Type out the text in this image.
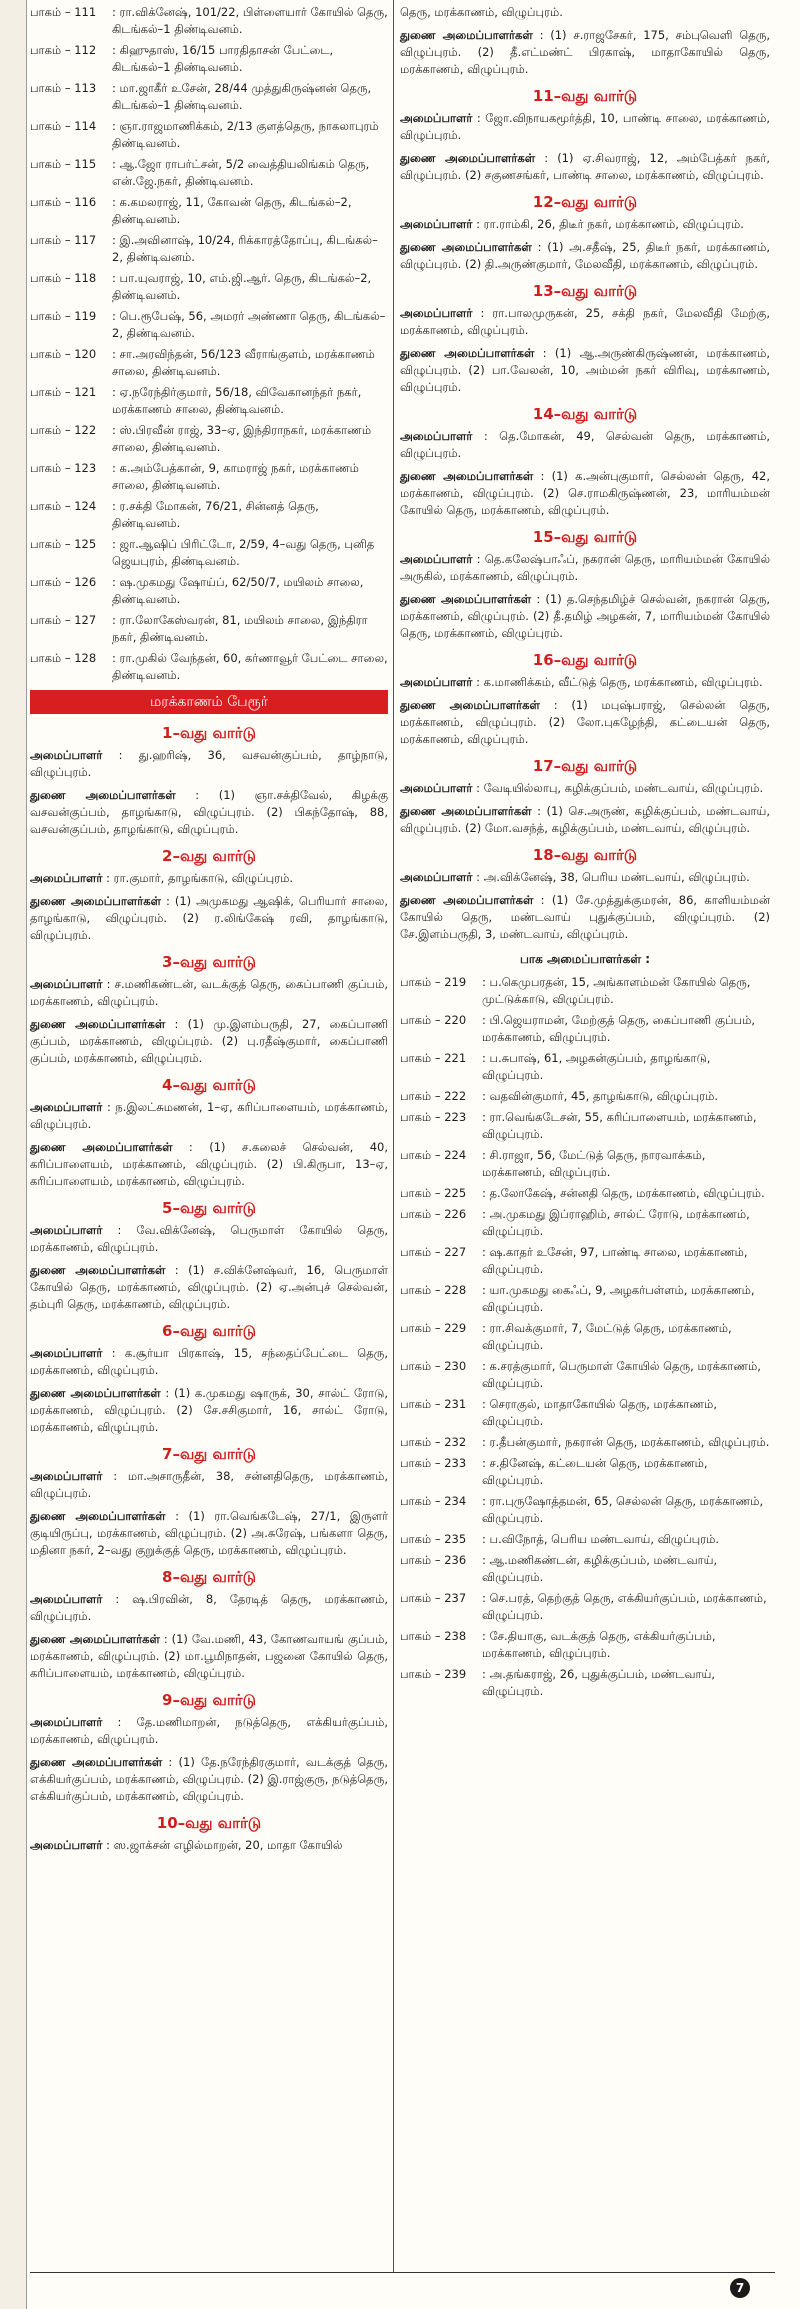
பாகம் – 111	: ரா.விக்னேஷ், 101/22, பிள்ளையார் கோயில் தெரு, கிடங்கல்–1 திண்டிவனம்.
பாகம் – 112	: கிஹுதாஸ், 16/15 பாரதிதாசன் பேட்டை, கிடங்கல்–1 திண்டிவனம்.
பாகம் – 113	: மா.ஜாகீர் உசேன், 28/44 முத்துகிருஷ்னன் தெரு, கிடங்கல்–1 திண்டிவனம்.
பாகம் – 114	: ஞா.ராஜமாணிக்கம், 2/13 குளத்தெரு, நாகலாபுரம் திண்டிவனம்.
பாகம் – 115	: ஆ.ஜோ ராபர்ட்சன், 5/2 வைத்தியலிங்கம் தெரு, என்.ஜே.நகர், திண்டிவனம்.
பாகம் – 116	: க.கமலராஜ், 11, கோவன் தெரு, கிடங்கல்–2, திண்டிவனம்.
பாகம் – 117	: இ.அவினாஷ், 10/24, ரிக்காரத்தோப்பு, கிடங்கல்–2, திண்டிவனம்.
பாகம் – 118	: பா.யுவராஜ், 10, எம்.ஜி.ஆர். தெரு, கிடங்கல்–2, திண்டிவனம்.
பாகம் – 119	: பெ.ரூபேஷ், 56, அமரர் அண்ணா தெரு, கிடங்கல்–2, திண்டிவனம்.
பாகம் – 120	: சா.அரவிந்தன், 56/123 வீராங்குளம், மரக்காணம் சாலை, திண்டிவனம்.
பாகம் – 121	: ஏ.நரேந்திர்குமார், 56/18, விவேகானந்தர் நகர், மரக்காணம் சாலை, திண்டிவனம்.
பாகம் – 122	: ஸ்.பிரவீன் ராஜ், 33–ஏ, இந்திராநகர், மரக்காணம் சாலை, திண்டிவனம்.
பாகம் – 123	: க.அம்பேத்கான், 9, காமராஜ் நகர், மரக்காணம் சாலை, திண்டிவனம்.
பாகம் – 124	: ர.சக்தி மோகன், 76/21, சின்னத் தெரு, திண்டிவனம்.
பாகம் – 125	: ஜா.ஆஷிப் பிரிட்டோ, 2/59, 4–வது தெரு, புனித ஜெயபுரம், திண்டிவனம்.
பாகம் – 126	: ஷ.முகமது ஷோய்ப், 62/50/7, மயிலம் சாலை, திண்டிவனம்.
பாகம் – 127	: ரா.லோகேஸ்வரன், 81, மயிலம் சாலை, இந்திரா நகர், திண்டிவனம்.
பாகம் – 128	: ரா.முகில் வேந்தன், 60, கர்ணாவூர் பேட்டை சாலை, திண்டிவனம்.
மரக்காணம் பேரூர்
1–வது வார்டு

அமைப்பாளர் : து.ஹரிஷ், 36, வசவன்குப்பம், தாழ்நாடு, விழுப்புரம்.

துணை அமைப்பாளர்கள் : (1) ஞா.சக்திவேல், கிழக்கு வசவன்குப்பம், தாழங்காடு, விழுப்புரம். (2) பிகந்தோஷ், 88, வசவன்குப்பம், தாழங்காடு, விழுப்புரம்.

2–வது வார்டு

அமைப்பாளர் : ரா.குமார், தாழங்காடு, விழுப்புரம்.

துணை அமைப்பாளர்கள் : (1) அமுகமது ஆஷிக், பெரியார் சாலை, தாழங்காடு, விழுப்புரம். (2) ர.லிங்கேஷ் ரவி, தாழங்காடு, விழுப்புரம்.

3–வது வார்டு

அமைப்பாளர் : ச.மணிகண்டன், வடக்குத் தெரு, கைப்பாணி குப்பம், மரக்காணம், விழுப்புரம்.

துணை அமைப்பாளர்கள் : (1) மு.இளம்பருதி, 27, கைப்பாணி குப்பம், மரக்காணம், விழுப்புரம். (2) பு.ரதீஷ்குமார், கைப்பாணி குப்பம், மரக்காணம், விழுப்புரம்.

4–வது வார்டு

அமைப்பாளர் : ந.இலட்சுமணன், 1–ஏ, கரிப்பாளையம், மரக்காணம், விழுப்புரம்.

துணை அமைப்பாளர்கள் : (1) ச.கலைச் செல்வன், 40, கரிப்பாளையம், மரக்காணம், விழுப்புரம். (2) பி.கிருபா, 13–ஏ, கரிப்பாளையம், மரக்காணம், விழுப்புரம்.

5–வது வார்டு

அமைப்பாளர் : வே.விக்னேஷ், பெருமாள் கோயில் தெரு, மரக்காணம், விழுப்புரம்.

துணை அமைப்பாளர்கள் : (1) ச.விக்னேஷ்வர், 16, பெருமாள் கோயில் தெரு, மரக்காணம், விழுப்புரம். (2) ஏ.அன்புச் செல்வன், தம்புரி தெரு, மரக்காணம், விழுப்புரம்.

6–வது வார்டு

அமைப்பாளர் : க.சூர்யா பிரகாஷ், 15, சந்தைப்பேட்டை தெரு, மரக்காணம், விழுப்புரம்.

துணை அமைப்பாளர்கள் : (1) க.முகமது ஷாருக், 30, சால்ட் ரோடு, மரக்காணம், விழுப்புரம். (2) சே.சசிகுமார், 16, சால்ட் ரோடு, மரக்காணம், விழுப்புரம்.

7–வது வார்டு

அமைப்பாளர் : மா.அசாருதீன், 38, சன்னதிதெரு, மரக்காணம், விழுப்புரம்.

துணை அமைப்பாளர்கள் : (1) ரா.வெங்கடேஷ், 27/1, இருளர் குடியிருப்பு, மரக்காணம், விழுப்புரம். (2) அ.சுரேஷ், பங்களா தெரு, மதினா நகர், 2–வது குறுக்குத் தெரு, மரக்காணம், விழுப்புரம்.

8–வது வார்டு

அமைப்பாளர் : ஷ.பிரவின், 8, தேரடித் தெரு, மரக்காணம், விழுப்புரம்.

துணை அமைப்பாளர்கள் : (1) வே.மணி, 43, கோணவாயங் குப்பம், மரக்காணம், விழுப்புரம். (2) மா.பூமிநாதன், பஜனை கோயில் தெரு, கரிப்பாளையம், மரக்காணம், விழுப்புரம்.

9–வது வார்டு

அமைப்பாளர் : தே.மணிமாறன், நடுத்தெரு, எக்கியர்குப்பம், மரக்காணம், விழுப்புரம்.

துணை அமைப்பாளர்கள் : (1) தே.நரேந்திரகுமார், வடக்குத் தெரு, எக்கியர்குப்பம், மரக்காணம், விழுப்புரம். (2) இ.ராஜ்குரு, நடுத்தெரு, எக்கியர்குப்பம், மரக்காணம், விழுப்புரம்.

10–வது வார்டு

அமைப்பாளர் : ஸ.ஜாக்சன் எழில்மாறன், 20, மாதா கோயில்

தெரு, மரக்காணம், விழுப்புரம்.

துணை அமைப்பாளர்கள் : (1) ச.ராஜசேகர், 175, சம்புவெளி தெரு, விழுப்புரம். (2) தீ.எட்மண்ட் பிரகாஷ், மாதாகோயில் தெரு, மரக்காணம், விழுப்புரம்.

11–வது வார்டு

அமைப்பாளர் : ஜோ.விநாயகமூர்த்தி, 10, பாண்டி சாலை, மரக்காணம், விழுப்புரம்.

துணை அமைப்பாளர்கள் : (1) ஏ.சிவராஜ், 12, அம்பேத்கர் நகர், விழுப்புரம். (2) சகுணசங்கர், பாண்டி சாலை, மரக்காணம், விழுப்புரம்.

12–வது வார்டு

அமைப்பாளர் : ரா.ராம்கி, 26, திடீர் நகர், மரக்காணம், விழுப்புரம்.

துணை அமைப்பாளர்கள் : (1) அ.சதீஷ், 25, திடீர் நகர், மரக்காணம், விழுப்புரம். (2) தி.அருண்குமார், மேலவீதி, மரக்காணம், விழுப்புரம்.

13–வது வார்டு

அமைப்பாளர் : ரா.பாலமுருகன், 25, சக்தி நகர், மேலவீதி மேற்கு, மரக்காணம், விழுப்புரம்.

துணை அமைப்பாளர்கள் : (1) ஆ.அருண்கிருஷ்ணன், மரக்காணம், விழுப்புரம். (2) பா.வேலன், 10, அம்மன் நகர் விரிவு, மரக்காணம், விழுப்புரம்.

14–வது வார்டு

அமைப்பாளர் : தெ.மோகன், 49, செல்வன் தெரு, மரக்காணம், விழுப்புரம்.

துணை அமைப்பாளர்கள் : (1) க.அன்புகுமார், செல்லன் தெரு, 42, மரக்காணம், விழுப்புரம். (2) செ.ராமகிருஷ்ணன், 23, மாரியம்மன் கோயில் தெரு, மரக்காணம், விழுப்புரம்.

15–வது வார்டு

அமைப்பாளர் : தெ.கலேஷ்பாஃப், நகரான் தெரு, மாரியம்மன் கோயில் அருகில், மரக்காணம், விழுப்புரம்.

துணை அமைப்பாளர்கள் : (1) த.செந்தமிழ்ச் செல்வன், நகரான் தெரு, மரக்காணம், விழுப்புரம். (2) தீ.தமிழ் அழகன், 7, மாரியம்மன் கோயில் தெரு, மரக்காணம், விழுப்புரம்.

16–வது வார்டு

அமைப்பாளர் : க.மாணிக்கம், வீட்டுத் தெரு, மரக்காணம், விழுப்புரம்.

துணை அமைப்பாளர்கள் : (1) மபுஷ்பராஜ், செல்லன் தெரு, மரக்காணம், விழுப்புரம். (2) லோ.புகழேந்தி, கட்டையன் தெரு, மரக்காணம், விழுப்புரம்.

17–வது வார்டு

அமைப்பாளர் : வேடியில்லாபு, கழிக்குப்பம், மண்டவாய், விழுப்புரம்.

துணை அமைப்பாளர்கள் : (1) செ.அருண், கழிக்குப்பம், மண்டவாய், விழுப்புரம். (2) மோ.வசந்த், கழிக்குப்பம், மண்டவாய், விழுப்புரம்.

18–வது வார்டு

அமைப்பாளர் : அ.விக்னேஷ், 38, பெரிய மண்டவாய், விழுப்புரம்.

துணை அமைப்பாளர்கள் : (1) சே.முத்துக்குமரன், 86, காளியம்மன் கோயில் தெரு, மண்டவாய் புதுக்குப்பம், விழுப்புரம். (2) சே.இளம்பருதி, 3, மண்டவாய், விழுப்புரம்.

பாக அமைப்பாளர்கள் :
பாகம் – 219	: ப.கெமுபரதன், 15, அங்காளம்மன் கோயில் தெரு, முட்டுக்காடு, விழுப்புரம்.
பாகம் – 220	: பி.ஜெயராமன், மேற்குத் தெரு, கைப்பாணி குப்பம், மரக்காணம், விழுப்புரம்.
பாகம் – 221	: ப.சுபாஷ், 61, அழகன்குப்பம், தாழங்காடு, விழுப்புரம்.
பாகம் – 222	: வதவின்குமார், 45, தாழங்காடு, விழுப்புரம்.
பாகம் – 223	: ரா.வெங்கடேசன், 55, கரிப்பாளையம், மரக்காணம், விழுப்புரம்.
பாகம் – 224	: சி.ராஜா, 56, மேட்டுத் தெரு, நாரவாக்கம், மரக்காணம், விழுப்புரம்.
பாகம் – 225	: த.லோகேஷ், சன்னதி தெரு, மரக்காணம், விழுப்புரம்.
பாகம் – 226	: அ.முகமது இப்ராஹிம், சால்ட் ரோடு, மரக்காணம், விழுப்புரம்.
பாகம் – 227	: ஷ.காதர் உசேன், 97, பாண்டி சாலை, மரக்காணம், விழுப்புரம்.
பாகம் – 228	: யா.முகமது கைஃப், 9, அழகர்பள்ளம், மரக்காணம், விழுப்புரம்.
பாகம் – 229	: ரா.சிவக்குமார், 7, மேட்டுத் தெரு, மரக்காணம், விழுப்புரம்.
பாகம் – 230	: க.சரத்குமார், பெருமாள் கோயில் தெரு, மரக்காணம், விழுப்புரம்.
பாகம் – 231	: செராகுல், மாதாகோயில் தெரு, மரக்காணம், விழுப்புரம்.
பாகம் – 232	: ர.தீபன்குமார், நகரான் தெரு, மரக்காணம், விழுப்புரம்.
பாகம் – 233	: ச.தினேஷ், கட்டையன் தெரு, மரக்காணம், விழுப்புரம்.
பாகம் – 234	: ரா.புருஷோத்தமன், 65, செல்லன் தெரு, மரக்காணம், விழுப்புரம்.
பாகம் – 235	: ப.விநோத், பெரிய மண்டவாய், விழுப்புரம்.
பாகம் – 236	: ஆ.மணிகண்டன், கழிக்குப்பம், மண்டவாய், விழுப்புரம்.
பாகம் – 237	: செ.பரத், தெற்குத் தெரு, எக்கியர்குப்பம், மரக்காணம், விழுப்புரம்.
பாகம் – 238	: சே.தியாகு, வடக்குத் தெரு, எக்கியர்குப்பம், மரக்காணம், விழுப்புரம்.
பாகம் – 239	: அ.தங்கராஜ், 26, புதுக்குப்பம், மண்டவாய், விழுப்புரம்.
7
